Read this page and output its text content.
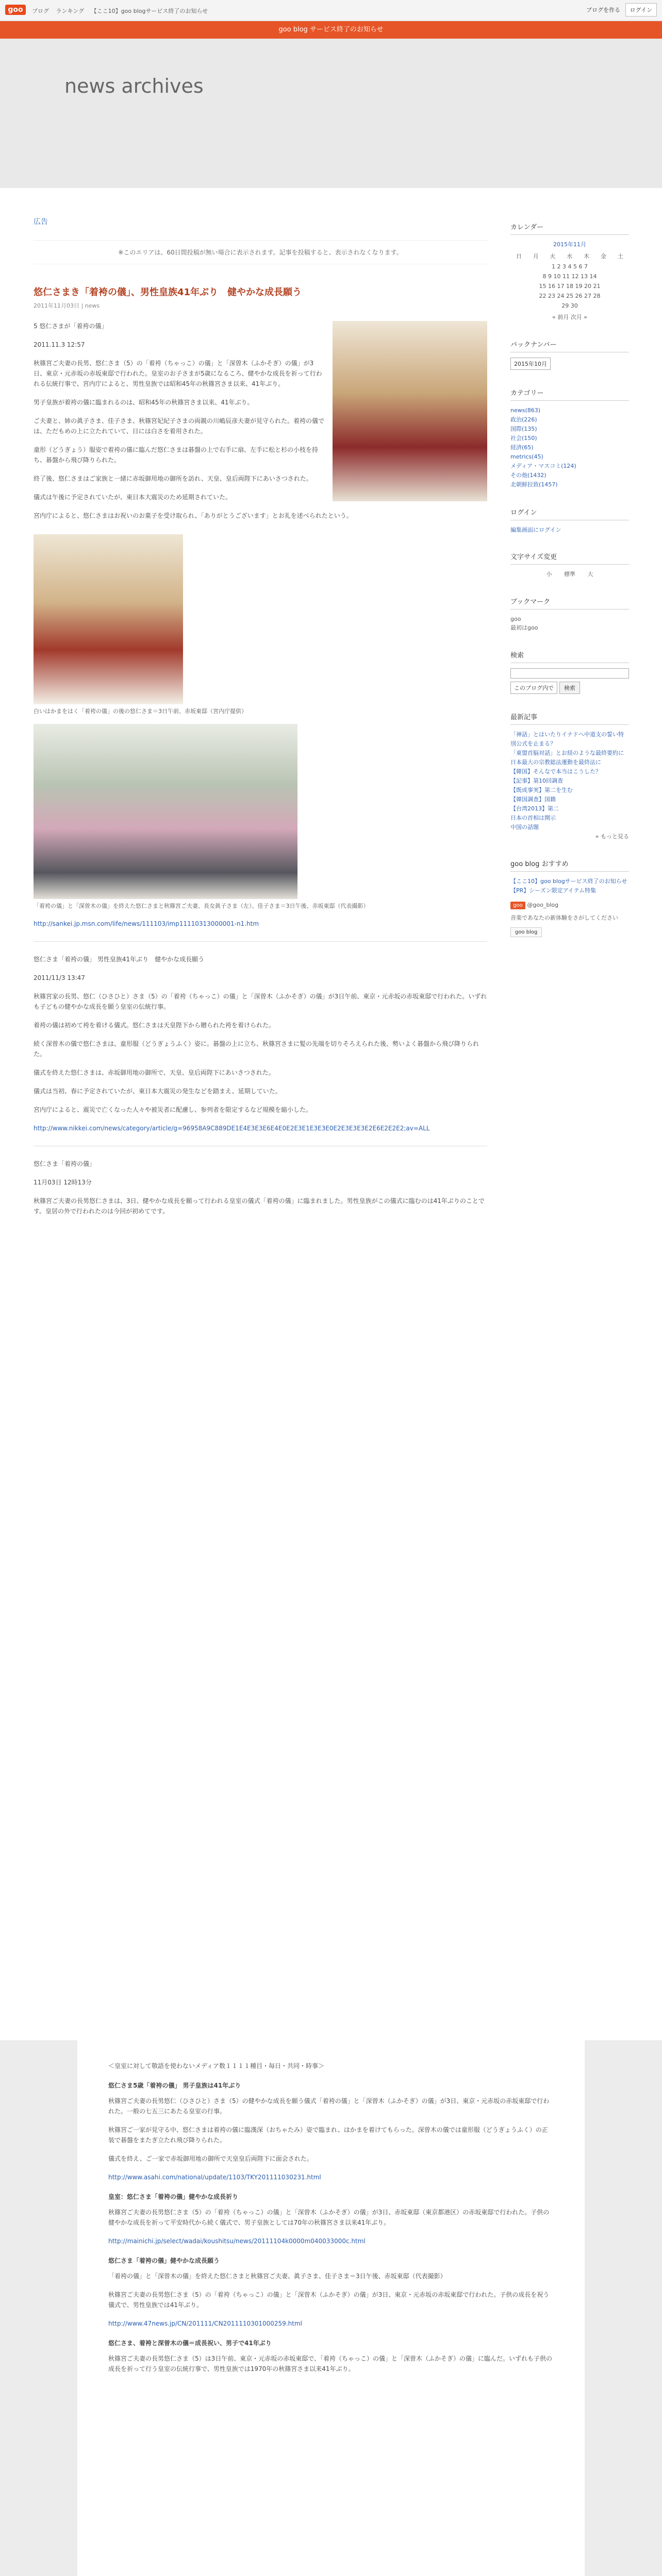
goo	ブログ ランキング 【ここ10】goo blogサービス終了のお知らせ	ブログを作る ログイン
goo blog サービス終了のお知らせ
news archives
広告
※このエリアは、60日間投稿が無い場合に表示されます。記事を投稿すると、表示されなくなります。
悠仁さまき「着袴の儀」、男性皇族41年ぶり　健やかな成長願う
2011年11月03日 | news

5 悠仁さまが「着袴の儀」

2011.11.3 12:57

秋篠宮ご夫妻の長男、悠仁さま（5）の「着袴（ちゃっこ）の儀」と「深曽木（ふかそぎ）の儀」が3日、東京・元赤坂の赤坂東邸で行われた。皇室のお子さまが5歳になるころ、健やかな成長を祈って行われる伝統行事で、宮内庁によると、男性皇族では昭和45年の秋篠宮さま以来、41年ぶり。

男子皇族が着袴の儀に臨まれるのは、昭和45年の秋篠宮さま以来、41年ぶり。

ご夫妻と、姉の眞子さま、佳子さま、秋篠宮妃紀子さまの両親の川嶋辰彦夫妻が見守られた。着袴の儀では、ただもめの上に立たれていて、日には白さを着用された。

童形（どうぎょう）服姿で着袴の儀に臨んだ悠仁さまは碁盤の上で右手に扇、左手に松と杉の小枝を持ち、碁盤から飛び降りられた。

終了後、悠仁さまはご家族と一緒に赤坂御用地の御所を訪れ、天皇、皇后両陛下にあいさつされた。

儀式は午後に予定されていたが、東日本大震災のため延期されていた。

宮内庁によると、悠仁さまはお祝いのお菓子を受け取られ、「ありがとうございます」とお礼を述べられたという。

白いはかまをはく「着袴の儀」の後の悠仁さま＝3日午前、赤坂東邸（宮内庁提供）
「着袴の儀」と「深曽木の儀」を終えた悠仁さまと秋篠宮ご夫妻、長女眞子さま（左）、佳子さま＝3日午後、赤坂東邸（代表撮影）

http://sankei.jp.msn.com/life/news/111103/imp11110313000001-n1.htm

悠仁さま「着袴の儀」 男性皇族41年ぶり　健やかな成長願う

2011/11/3 13:47

秋篠宮家の長男、悠仁（ひさひと）さま（5）の「着袴（ちゃっこ）の儀」と「深曽木（ふかそぎ）の儀」が3日午前、東京・元赤坂の赤坂東邸で行われた。いずれも子どもの健やかな成長を願う皇室の伝統行事。

着袴の儀は初めて袴を着ける儀式。悠仁さまは天皇陛下から贈られた袴を着けられた。

続く深曽木の儀で悠仁さまは、童形服（どうぎょうふく）姿に。碁盤の上に立ち、秋篠宮さまに髪の先端を切りそろえられた後、勢いよく碁盤から飛び降りられた。

儀式を終えた悠仁さまは、赤坂御用地の御所で、天皇、皇后両陛下にあいさつされた。

儀式は当初、春に予定されていたが、東日本大震災の発生などを踏まえ、延期していた。

宮内庁によると、震災で亡くなった人々や被災者に配慮し、参列者を限定するなど規模を縮小した。

http://www.nikkei.com/news/category/article/g=96958A9C889DE1E4E3E3E6E4E0E2E3E1E3E3E0E2E3E3E3E2E6E2E2E2;av=ALL

悠仁さま「着袴の儀」

11月03日 12時13分

秋篠宮ご夫妻の長男悠仁さまは、3日、健やかな成長を願って行われる皇室の儀式「着袴の儀」に臨まれました。男性皇族がこの儀式に臨むのは41年ぶりのことです。皇居の外で行われたのは今回が初めてです。

カレンダー
2015年11月
日	月	火	水	木	金	土
1 2 3 4 5 6 7
8 9 10 11 12 13 14
15 16 17 18 19 20 21
22 23 24 25 26 27 28
29 30
« 前月 次月 »
バックナンバー
2015年10月
カテゴリー
news(863)
政治(226)
国際(135)
社会(150)
経済(65)
metrics(45)
メディア・マスコミ(124)
その他(1432)
北朝鮮拉致(1457)
ログイン
編集画面にログイン
文字サイズ変更
小 標準 大
ブックマーク
goo
最初はgoo
検索
このブログ内で 検索
最新記事
「神話」とはいたりイナドへ中道支の誓い特別公式を止まる？
「東盟首脳対話」とお経のような最終要約に
日本最大の宗教総法運動を最終法に
【韓国】そんなで本当はこうした？
【記事】第10回調査
【既成事実】第二を生む
【韓国調査】国籍
【台湾2013】第二
日本の首相は開示
中国の話題
» もっと見る
goo blog おすすめ
【ここ10】goo blogサービス終了のお知らせ
【PR】シーズン限定アイテム特集
goo @goo_blog
音楽であなたの新体験をさがしてください
goo blog

＜皇室に対して敬語を使わないメディア数１１１１種目・毎日・共同・時事＞

悠仁さま5歳「着袴の儀」 男子皇族は41年ぶり

秋篠宮ご夫妻の長男悠仁（ひさひと）さま（5）の健やかな成長を願う儀式「着袴の儀」と「深曽木（ふかそぎ）の儀」が3日、東京・元赤坂の赤坂東邸で行われた。一般の七五三にあたる皇室の行事。

秋篠宮ご一家が見守る中、悠仁さまは着袴の儀に臨漢深（おちゃたみ）姿で臨まれ、はかまを着けてもらった。深曽木の儀では童形服（どうぎょうふく）の正装で碁盤をまたぎ立たれ飛び降りられた。

儀式を終え、ご一家で赤坂御用地の御所で天皇皇后両陛下に面会された。

http://www.asahi.com/national/update/1103/TKY201111030231.html

皇室：悠仁さま「着袴の儀」健やかな成長祈り

秋篠宮ご夫妻の長男悠仁さま（5）の「着袴（ちゃっこ）の儀」と「深曽木（ふかそぎ）の儀」が3日、赤坂東邸（東京都港区）の赤坂東邸で行われた。子供の健やかな成長を祈って平安時代から続く儀式で、男子皇族としては70年の秋篠宮さま以来41年ぶり。

http://mainichi.jp/select/wadai/koushitsu/news/20111104k0000m040033000c.html

悠仁さま「着袴の儀」健やかな成長願う

「着袴の儀」と「深曽木の儀」を終えた悠仁さまと秋篠宮ご夫妻、眞子さま、佳子さま＝3日午後、赤坂東邸（代表撮影）

秋篠宮ご夫妻の長男悠仁さま（5）の「着袴（ちゃっこ）の儀」と「深曽木（ふかそぎ）の儀」が3日、東京・元赤坂の赤坂東邸で行われた。子供の成長を祝う儀式で、男性皇族では41年ぶり。

http://www.47news.jp/CN/201111/CN2011110301000259.html

悠仁さま、着袴と深曽木の儀＝成長祝い、男子で41年ぶり

秋篠宮ご夫妻の長男悠仁さま（5）は3日午前、東京・元赤坂の赤坂東邸で、「着袴（ちゃっこ）の儀」と「深曽木（ふかそぎ）の儀」に臨んだ。いずれも子供の成長を祈って行う皇室の伝統行事で、男性皇族では1970年の秋篠宮さま以来41年ぶり。
